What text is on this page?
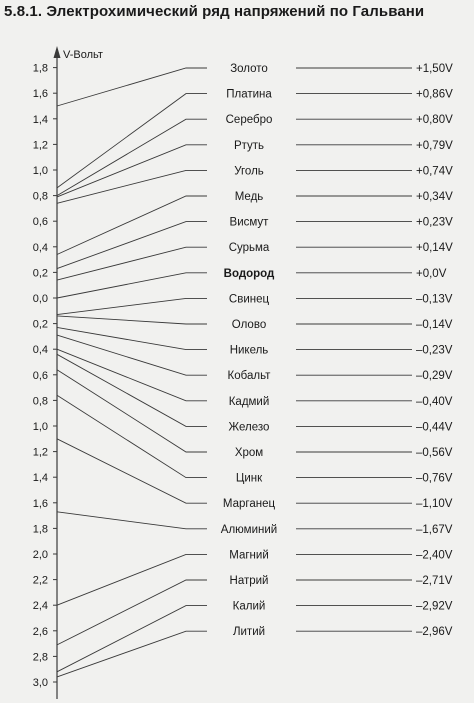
5.8.1. Электрохимический ряд напряжений по Гальвани
V-Вольт
1,8
1,6
1,4
1,2
1,0
0,8
0,6
0,4
0,2
0,0
0,2
0,4
0,6
0,8
1,0
1,2
1,4
1,6
1,8
2,0
2,2
2,4
2,6
2,8
3,0
Золото	+1,50V
Платина	+0,86V
Серебро	+0,80V
Ртуть	+0,79V
Уголь	+0,74V
Медь	+0,34V
Висмут	+0,23V
Сурьма	+0,14V
Водород	+0,0V
Свинец	–0,13V
Олово	–0,14V
Никель	–0,23V
Кобальт	–0,29V
Кадмий	–0,40V
Железо	–0,44V
Хром	–0,56V
Цинк	–0,76V
Марганец	–1,10V
Алюминий	–1,67V
Магний	–2,40V
Натрий	–2,71V
Калий	–2,92V
Литий	–2,96V
